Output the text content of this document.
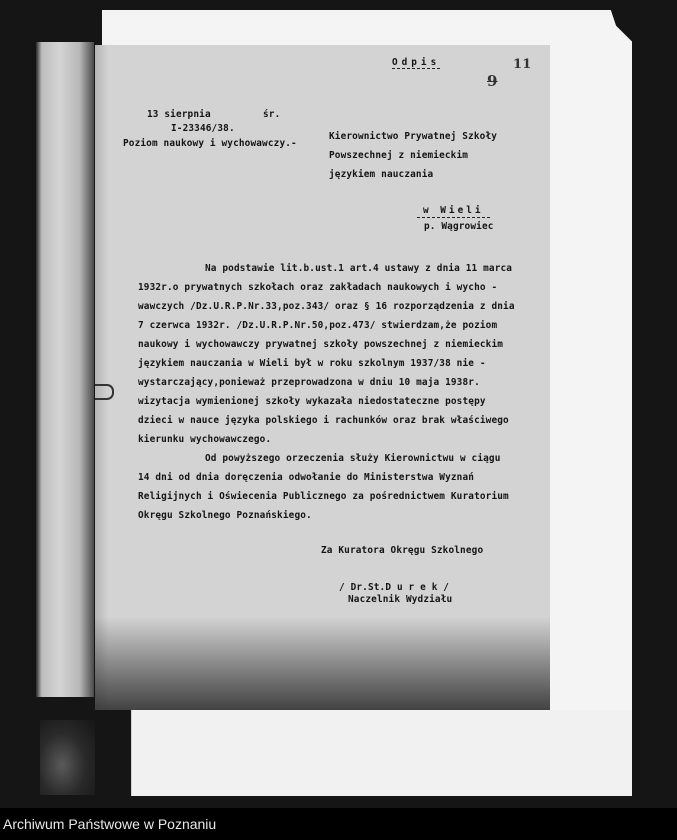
Odpis	11
9
13 sierpnia	śr.
I-23346/38.
Poziom naukowy i wychowawczy.-
Kierownictwo Prywatnej Szkoły
Powszechnej z niemieckim
językiem nauczania
w Wieli
p. Wągrowiec
Na podstawie lit.b.ust.1 art.4 ustawy z dnia 11 marca
1932r.o prywatnych szkołach oraz zakładach naukowych i wycho -
wawczych /Dz.U.R.P.Nr.33,poz.343/ oraz § 16 rozporządzenia z dnia
7 czerwca 1932r. /Dz.U.R.P.Nr.50,poz.473/ stwierdzam,że poziom
naukowy i wychowawczy prywatnej szkoły powszechnej z niemieckim
językiem nauczania w Wieli był w roku szkolnym 1937/38 nie -
wystarczający,ponieważ przeprowadzona w dniu 10 maja 1938r.
wizytacja wymienionej szkoły wykazała niedostateczne postępy
dzieci w nauce języka polskiego i rachunków oraz brak właściwego
kierunku wychowawczego.
Od powyższego orzeczenia służy Kierownictwu w ciągu
14 dni od dnia doręczenia odwołanie do Ministerstwa Wyznań
Religijnych i Oświecenia Publicznego za pośrednictwem Kuratorium
Okręgu Szkolnego Poznańskiego.
Za Kuratora Okręgu Szkolnego
/ Dr.St.D u r e k /
Naczelnik Wydziału
Archiwum Państwowe w Poznaniu
